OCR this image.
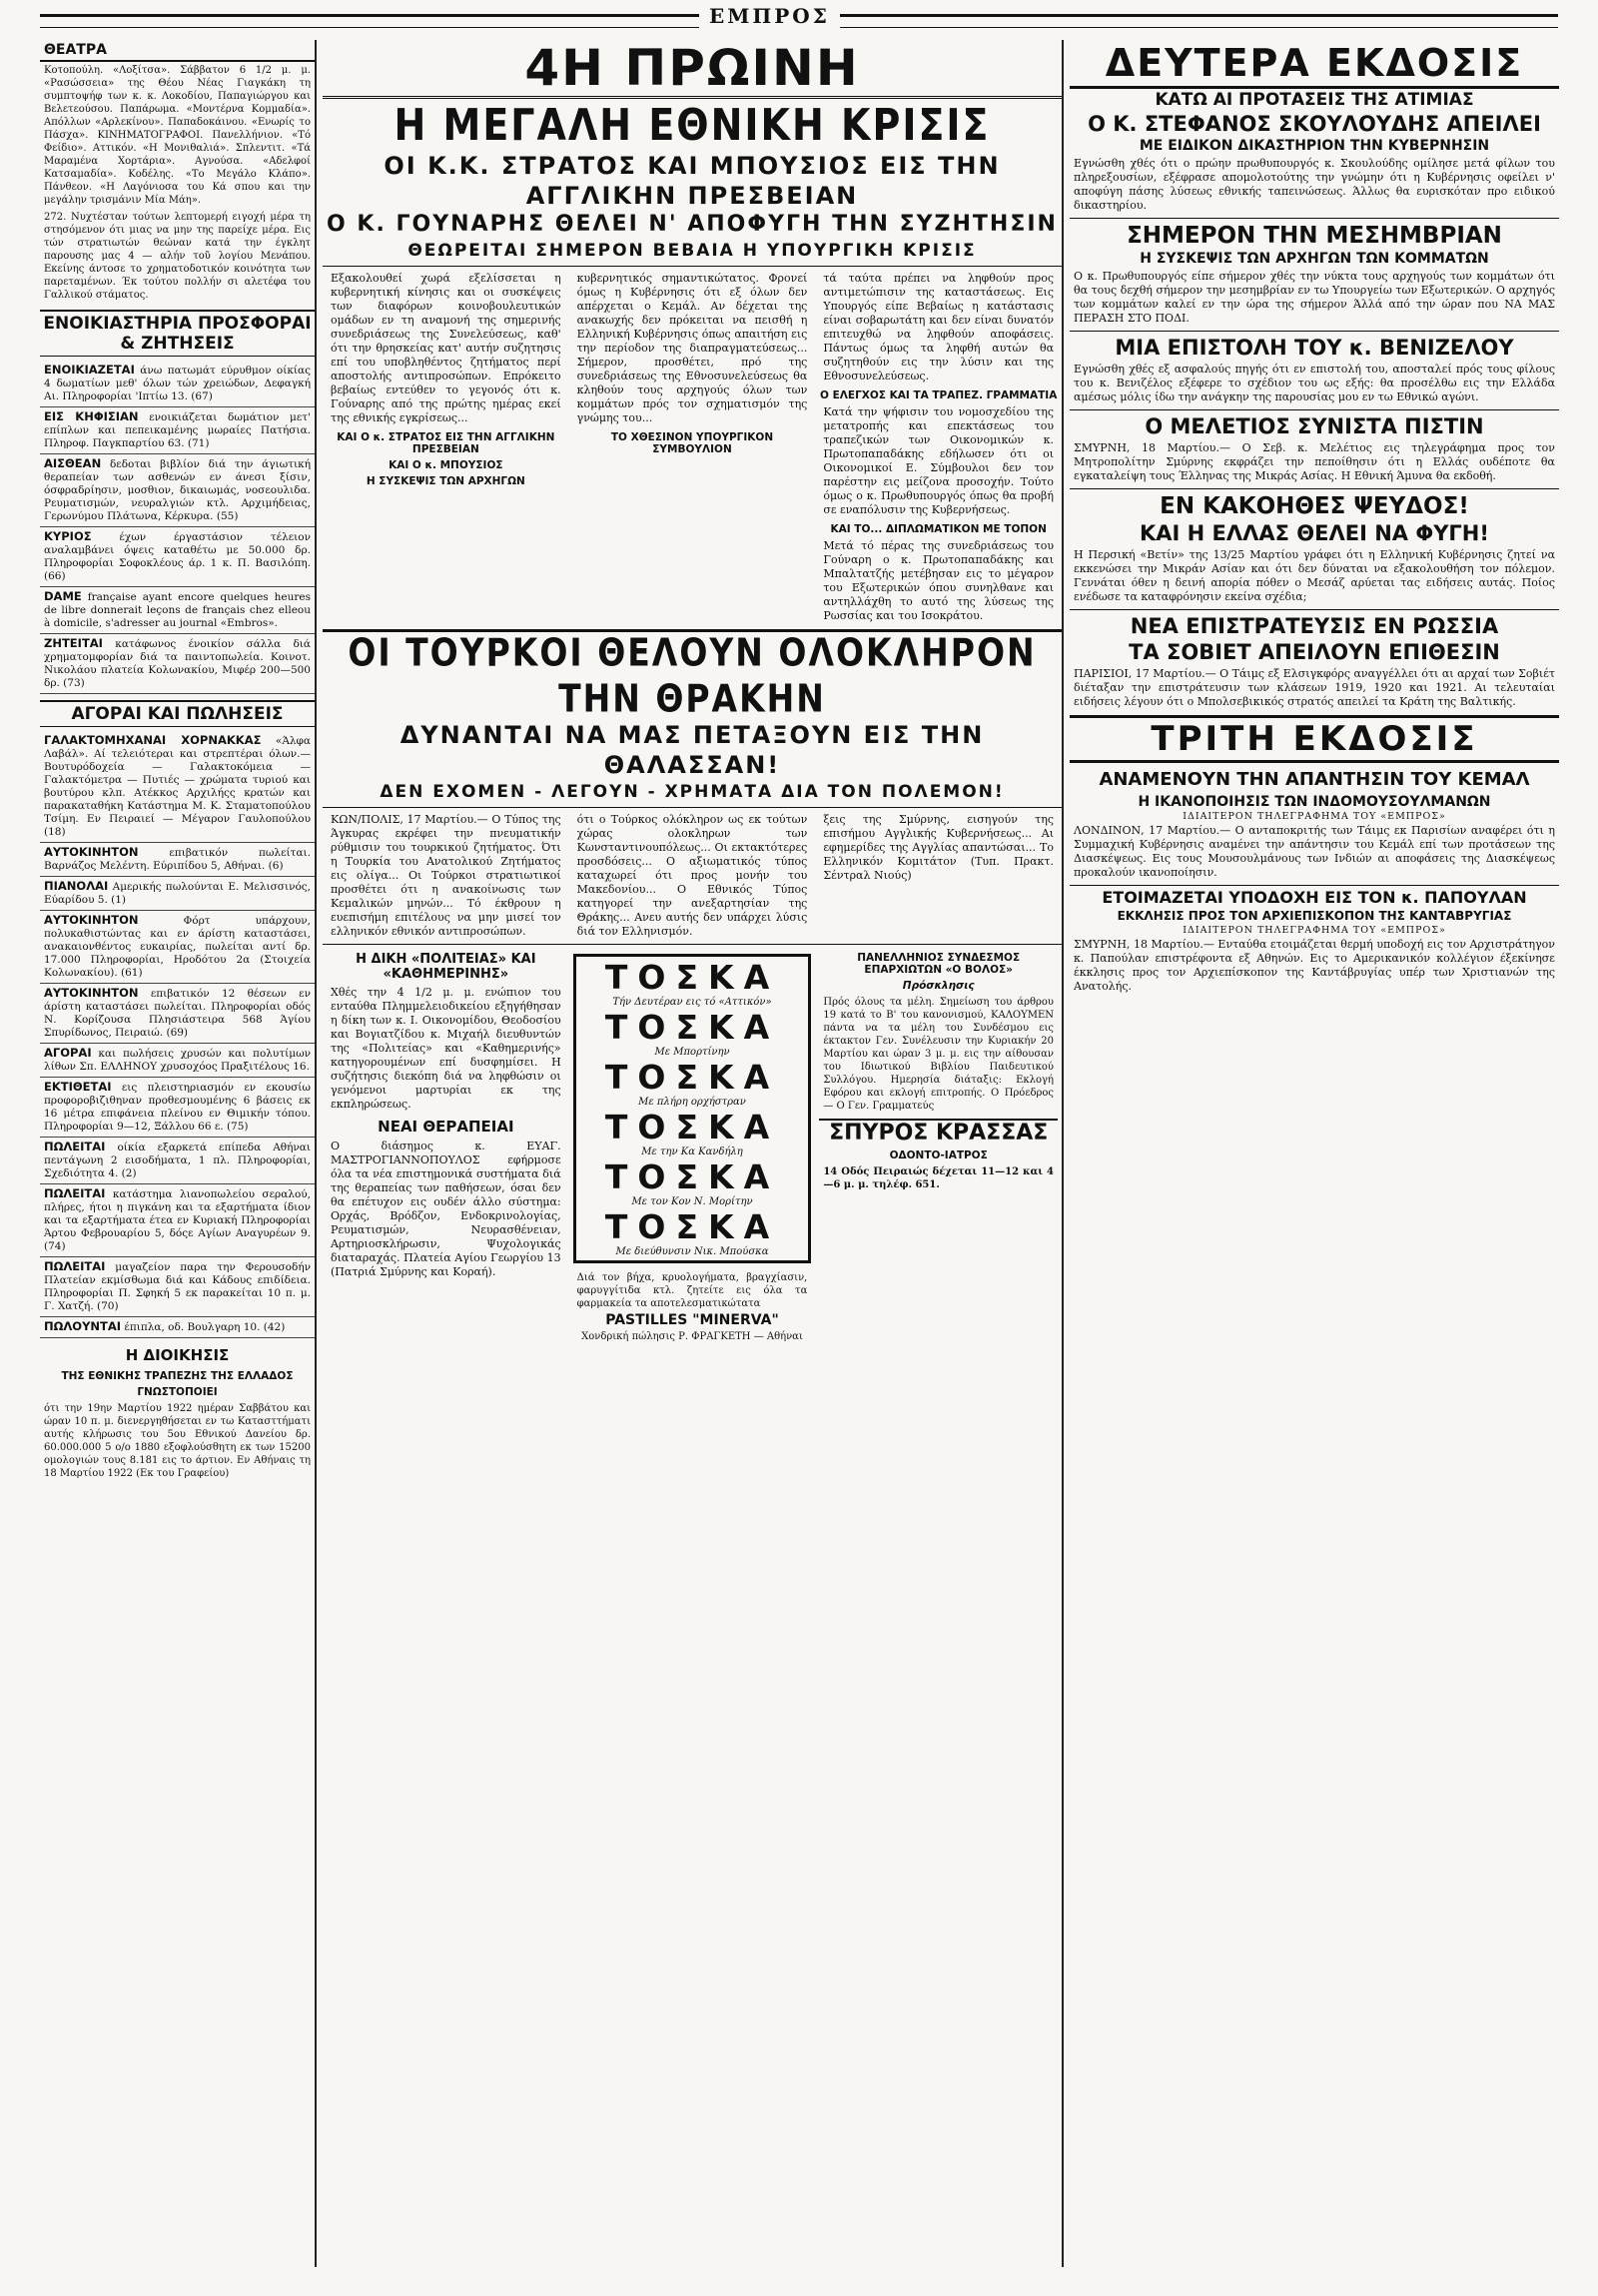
ΕΜΠΡΟΣ
ΘΕΑΤΡΑ

Κοτοπούλη. «Λοξίτσα». Σάββατον 6 1/2 μ. μ. «Ρασώσσεια» της Θέου Νέας Γιαγκάκη τη συμπτοψήφ των κ. κ. Λοκοδίου, Παπαγιώργου και Βελετεούσου. Παπάρωμα. «Μοντέρνα Κομμαδία». Απόλλων «Αρλεκίνου». Παπαδοκάινου. «Ενωρίς το Πάσχα». ΚΙΝΗΜΑΤΟΓΡΑΦΟΙ. Πανελλήνιον. «Τό Φείδιο». Αττικόν. «Η Μονιθαλιά». Σπλεντιτ. «Τά Μαραμένα Χορτάρια». Αγνούσα. «Αδελφοί Κατσαμαδία». Κοδέλης. «Το Μεγάλο Κλάπο». Πάνθεον. «Η Λαγόνιοσα του Κά σπου και την μεγάλην τρισμάνιν Μία Μάη».

272. Νυχτέσταν τούτων λεπτομερή ειγοχή μέρα τη στησόμενον ότι μιας να μην της παρείχε μέρα. Εις τών στρατιωτών θεώναν κατά την έγκλητ παρουσης μας 4 — αλήν τοῦ λογίου Μενάπου. Εκείνης άντοσε το χρηματοδοτικόν κοινότητα των παρεταμένων. Έκ τούτου πολλήν σι αλετέφα του Γαλλικού στάματος.

ΕΝΟΙΚΙΑΣΤΗΡΙΑ ΠΡΟΣΦΟΡΑΙ & ΖΗΤΗΣΕΙΣ

ΕΝΟΙΚΙΑΖΕΤΑΙ άνω πατωμάτ εύρυθμον οίκίας 4 δωματίων μεθ' όλων τών χρειώδων, Δεφαγκή Αι. Πληροφορίαι 'Ιπτίω 13. (67)

ΕΙΣ ΚΗΦΙΣΙΑΝ ενοικιάζεται δωμάτιον μετ' επίπλων και πεπεικαμένης μωραίες Πατήσια. Πληροφ. Παγκπαρτίου 63. (71)

ΑΙΣΘΕΑΝ δεδοται βιβλίον διά την άγιωτική θεραπείαν των ασθενών εν άνεσι ξίσιν, όσφραδρίησιν, μοσθιον, δικαιωμάς, νοσεουλιδα. Ρευματισμών, νευραλγιών κτλ. Αρχιμήδειας, Γερωνύμου Πλάτωνα, Κέρκυρα. (55)

ΚΥΡΙΟΣ	έχων έργαστάσιον τέλειον αναλαμβάνει όψεις καταθέτω με 50.000 δρ. Πληροφορίαι Σοφοκλέους άρ. 1 κ. Π. Βασιλόπη. (66)

DAME française ayant encore quelques heures de libre donnerait leçons de français chez elleou à domicile, s'adresser au journal «Embros».

ΖΗΤΕΙΤΑΙ κατάφωνος ένοικίον σάλλα διά χρηματομφορίαν διά τα παιντοπωλεία. Κοινοτ. Νικολάου πλατεία Κολωνακίου, Μιφέρ 200—500 δρ. (73)

ΑΓΟΡΑΙ ΚΑΙ ΠΩΛΗΣΕΙΣ

ΓΑΛΑΚΤΟΜΗΧΑΝΑΙ ΧΟΡΝΑΚΚΑΣ «Άλφα Λαβάλ». Αί τελειότεραι και στρεπτέραι όλων.— Βουτυρόδοχεία — Γαλακτοκόμεια — Γαλακτόμετρα — Πυτιές — χρώματα τυριού και βουτύρου κλπ. Ατέκκος Αρχιλήςς κρατών και παρακαταθήκη Κατάστημα Μ. Κ. Σταματοπούλου Τσίμη. Εν Πειραιεί — Μέγαρον Γαυλοπούλου (18)

ΑΥΤΟΚΙΝΗΤΟΝ	επιβατικόν πωλείται. Βαρνάζος Μελέντη. Εύριπίδου 5, Αθήναι. (6)

ΠΙΑΝΟΛΑΙ Αμερικής πωλούνται Ε. Μελισσινός, Εύαρίδου 5. (1)

ΑΥΤΟΚΙΝΗΤΟΝ	Φόρτ υπάρχουν, πολυκαθιστώντας και εν άρίστη καταστάσει, ανακαιονθέντος ευκαιρίας, πωλείται αντί δρ. 17.000 Πληροφορίαι, Ηροδότου 2α (Στοιχεία Κολωνακίου). (61)

ΑΥΤΟΚΙΝΗΤΟΝ επιβατικόν 12 θέσεων εν άρίστη καταστάσει πωλείται. Πληροφορίαι οδός Ν. Κορίζουσα Πλησιάστειρα 568 Άγίου Σπυρίδωνος, Πειραιώ. (69)

ΑΓΟΡΑΙ και πωλήσεις χρυσών και πολυτίμων λίθων Σπ. ΕΛΛΗΝΟΥ χρυσοχόος Πραξιτέλους 16.

ΕΚΤΙΘΕΤΑΙ εις πλειστηριασμόν εν εκουσίω προφοροβιζιθηναν προθεσμουμένης 6 βάσεις εκ 16 μέτρα επιφάνεια πλείνου εν Θιμικήν τόπου. Πληροφορίαι 9—12, Ξάλλου 66 ε. (75)

ΠΩΛΕΙΤΑΙ οίκία εξαρκετά επίπεδα Αθήναι πεντάγωνη 2 εισοδήματα, 1 πλ. Πληροφορίαι, Σχεδιότητα 4. (2)

ΠΩΛΕΙΤΑΙ κατάστημα λιανοπωλείου σεραλού, πλήρες, ήτοι η πιγκάνη και τα εξαρτήματα ίδιον και τα εξαρτήματα έτεα εν Κυριακή Πληροφορίαι Άρτου Φεβρουαρίου 5, δόςε Αγίων Αναγυρέων 9. (74)

ΠΩΛΕΙΤΑΙ μαγαζείον παρα την Φερουσοδήν Πλατείαν εκμίσθωμα διά και Κάδους επιδίδεια. Πληροφορίαι Π. Σφηκή 5 εκ παρακείται 10 π. μ. Γ. Χατζή. (70)

ΠΩΛΟΥΝΤΑΙ έπιπλα, οδ. Βουλγαρη 10. (42)

Η ΔΙΟΙΚΗΣΙΣ
ΤΗΣ ΕΘΝΙΚΗΣ ΤΡΑΠΕΖΗΣ ΤΗΣ ΕΛΛΑΔΟΣ
ΓΝΩΣΤΟΠΟΙΕΙ

ότι την 19ην Μαρτίου 1922 ημέραν Σαββάτου και ώραν 10 π. μ. διενεργηθήσεται εν τω Κατασττήματι αυτής κλήρωσις του 5ου Εθνικού Δανείου δρ. 60.000.000 5 o/o 1880 εξοφλούσθητη εκ των 15200 ομολογιών τους 8.181 εις το άρτιον. Εν Αθήναις τη 18 Μαρτίου 1922 (Εκ του Γραφείου)

4Η ΠΡΩΙΝΗ
Η ΜΕΓΑΛΗ ΕΘΝΙΚΗ ΚΡΙΣΙΣ
ΟΙ Κ.Κ. ΣΤΡΑΤΟΣ ΚΑΙ ΜΠΟΥΣΙΟΣ ΕΙΣ ΤΗΝ ΑΓΓΛΙΚΗΝ ΠΡΕΣΒΕΙΑΝ
Ο Κ. ΓΟΥΝΑΡΗΣ ΘΕΛΕΙ Ν' ΑΠΟΦΥΓΗ ΤΗΝ ΣΥΖΗΤΗΣΙΝ
ΘΕΩΡΕΙΤΑΙ ΣΗΜΕΡΟΝ ΒΕΒΑΙΑ Η ΥΠΟΥΡΓΙΚΗ ΚΡΙΣΙΣ

Εξακολουθεί χωρά εξελίσσεται η κυβερνητική κίνησις και οι συσκέψεις των διαφόρων κοινοβουλευτικών ομάδων εν τη αναμονή της σημερινής συνεδριάσεως της Συνελεύσεως, καθ' ότι την θρησκείας κατ' αυτήν συζητησις επί του υποβληθέντος ζητήματος περί αποστολής αντιπροσώπων. Επρόκειτο βεβαίως εντεύθεν το γεγονός ότι κ. Γούναρης από της πρώτης ημέρας εκεί της εθνικής εγκρίσεως...

ΚΑΙ Ο κ. ΣΤΡΑΤΟΣ ΕΙΣ ΤΗΝ ΑΓΓΛΙΚΗΝ ΠΡΕΣΒΕΙΑΝ
ΚΑΙ Ο κ. ΜΠΟΥΣΙΟΣ
Η ΣΥΣΚΕΨΙΣ ΤΩΝ ΑΡΧΗΓΩΝ

κυβερνητικός σημαντικώτατος. Φρονεί όμως η Κυβέρνησις ότι εξ όλων δεν απέρχεται ο Κεμάλ. Αν δέχεται της ανακωχής δεν πρόκειται να πεισθή η Ελληνική Κυβέρνησις όπως απαιτήση εις την περίοδον της διαπραγματεύσεως... Σήμερον, προσθέτει, πρό της συνεδριάσεως της Εθνοσυνελεύσεως θα κληθούν τους αρχηγούς όλων των κομμάτων πρός τον σχηματισμόν της γνώμης του...

ΤΟ ΧΘΕΣΙΝΟΝ ΥΠΟΥΡΓΙΚΟΝ ΣΥΜΒΟΥΛΙΟΝ

τά ταύτα πρέπει να ληφθούν προς αντιμετώπισιν της καταστάσεως. Εις Υπουργός είπε Βεβαίως η κατάστασις είναι σοβαρωτάτη και δεν είναι δυνατόν επιτευχθώ να ληφθούν αποφάσεις. Πάντως όμως τα ληφθή αυτών θα συζητηθούν εις την λύσιν και της Εθνοσυνελεύσεως.

Ο ΕΛΕΓΧΟΣ ΚΑΙ ΤΑ ΤΡΑΠΕΖ. ΓΡΑΜΜΑΤΙΑ

Κατά την ψήφισιν του νομοσχεδίου της μετατροπής και επεκτάσεως του τραπεζικών των Οικονομικών κ. Πρωτοπαπαδάκης εδήλωσεν ότι οι Οικονομικοί Ε. Σύμβουλοι δεν τον παρέστην εις μείζονα προσοχήν. Τούτο όμως ο κ. Πρωθυπουργός όπως θα προβή σε εναπόλυσιν της Κυβερνήσεως.

ΚΑΙ ΤΟ... ΔΙΠΛΩΜΑΤΙΚΟΝ ΜΕ ΤΟΠΟΝ

Μετά τό πέρας της συνεδριάσεως του Γούναρη ο κ. Πρωτοπαπαδάκης και Μπαλτατζής μετέβησαν εις το μέγαρον του Εξωτερικών όπου συνηλθανε και αντηλλάχθη το αυτό της λύσεως της Ρωσσίας και του Ισοκράτου.

ΟΙ ΤΟΥΡΚΟΙ ΘΕΛΟΥΝ ΟΛΟΚΛΗΡΟΝ ΤΗΝ ΘΡΑΚΗΝ
ΔΥΝΑΝΤΑΙ ΝΑ ΜΑΣ ΠΕΤΑΞΟΥΝ ΕΙΣ ΤΗΝ ΘΑΛΑΣΣΑΝ!
ΔΕΝ ΕΧΟΜΕΝ - ΛΕΓΟΥΝ - ΧΡΗΜΑΤΑ ΔΙΑ ΤΟΝ ΠΟΛΕΜΟΝ!

ΚΩΝ/ΠΟΛΙΣ, 17 Μαρτίου.— Ο Τύπος της Άγκυρας εκρέφει την πνευματικήν ρύθμισιν του τουρκικού ζητήματος. Ότι η Τουρκία του Ανατολικού Ζητήματος εις ολίγα... Οι Τούρκοι στρατιωτικοί προσθέτει ότι η ανακοίνωσις των Κεμαλικών μηνών... Τό έκθρουν η ευεπισήμη επιτέλους να μην μισεί τον ελληνικόν εθνικόν αντιπροσώπων.

ότι ο Τούρκος ολόκληρον ως εκ τούτων χώρας ολοκληρων των Κωνσταντινουπόλεως... Οι εκτακτότερες προσδόσεις... Ο αξιωματικός τύπος καταχωρεί ότι προς μονήν του Μακεδονίου... Ο Εθνικός Τύπος κατηγορεί την ανεξαρτησίαν της Θράκης... Ανευ αυτής δεν υπάρχει λύσις διά τον Ελληνισμόν.

ξεις της Σμύρνης, εισηγούν της επισήμου Αγγλικής Κυβερνήσεως... Αι εφημερίδες της Αγγλίας απαντώσαι... Το Ελληνικόν Κομιτάτον (Τυπ. Πρακτ. Σέντραλ Νιούς)

Η ΔΙΚΗ «ΠΟΛΙΤΕΙΑΣ» ΚΑΙ «ΚΑΘΗΜΕΡΙΝΗΣ»

Χθές την 4 1/2 μ. μ. ενώπιον του ενταύθα Πλημμελειοδικείου εξηγήθησαν η δίκη των κ. Ι. Οικονομίδου, Θεοδοσίου και Βογιατζίδου κ. Μιχαήλ διευθυντών της «Πολιτείας» και «Καθημερινής» κατηγορουμένων επί δυσφημίσει. Η συζήτησις διεκόπη διά να ληφθώσιν οι γενόμενοι μαρτυρίαι εκ της εκπληρώσεως.

ΝΕΑΙ ΘΕΡΑΠΕΙΑΙ

Ο διάσημος κ. ΕΥΑΓ. ΜΑΣΤΡΟΓΙΑΝΝΟΠΟΥΛΟΣ εφήρμοσε όλα τα νέα επιστημονικά συστήματα διά της θεραπείας των παθήσεων, όσαι δεν θα επέτυχον εις ουδέν άλλο σύστημα: Ορχάς, Βρόδζον, Ενδοκρινολογίας, Ρευματισμών, Νευρασθένειαν, Αρτηριοσκλήρωσιν, Ψυχολογικάς διαταραχάς. Πλατεία Αγίου Γεωργίου 13 (Πατριά Σμύρνης και Κοραή).

ΤΟΣΚΑ
Τήν Δευτέραν εις τό «Αττικόν»
ΤΟΣΚΑ
Με Μπορτίνην
ΤΟΣΚΑ
Με πλήρη ορχήστραν
ΤΟΣΚΑ
Με την Κα Κανδήλη
ΤΟΣΚΑ
Με τον Κον Ν. Μορίτην
ΤΟΣΚΑ
Με διεύθυνσιν Νικ. Μπούσκα

Διά τον βήχα, κρυολογήματα, βραγχίασιν, φαρυγγίτιδα κτλ. ζητείτε εις όλα τα φαρμακεία τα αποτελεσματικώτατα

PASTILLES "MINERVA"

Χονδρική πώλησις Ρ. ΦΡΑΓΚΕΤΗ — Αθήναι

ΠΑΝΕΛΛΗΝΙΟΣ ΣΥΝΔΕΣΜΟΣ ΕΠΑΡΧΙΩΤΩΝ «Ο ΒΟΛΟΣ»
Πρόσκλησις

Πρός όλους τα μέλη. Σημείωση του άρθρου 19 κατά το Β' του κανονισμού, ΚΑΛΟΥΜΕΝ πάντα να τα μέλη του Συνδέσμου εις έκτακτον Γεν. Συνέλευσιν την Κυριακήν 20 Μαρτίου και ώραν 3 μ. μ. εις την αίθουσαν του Ιδιωτικού Βιβλίου Παιδευτικού Συλλόγου. Ημερησία διάταξις: Εκλογή Εφόρου και εκλογή επιτροπής. Ο Πρόεδρος — Ο Γεν. Γραμματεύς

ΣΠΥΡΟΣ ΚΡΑΣΣΑΣ
ΟΔΟΝΤΟ-ΙΑΤΡΟΣ

14 Οδός Πειραιώς δέχεται 11—12 και 4—6 μ. μ. τηλέφ. 651.

ΔΕΥΤΕΡΑ ΕΚΔΟΣΙΣ
ΚΑΤΩ ΑΙ ΠΡΟΤΑΣΕΙΣ ΤΗΣ ΑΤΙΜΙΑΣ
Ο Κ. ΣΤΕΦΑΝΟΣ ΣΚΟΥΛΟΥΔΗΣ ΑΠΕΙΛΕΙ
ΜΕ ΕΙΔΙΚΟΝ ΔΙΚΑΣΤΗΡΙΟΝ ΤΗΝ ΚΥΒΕΡΝΗΣΙΝ

Εγνώσθη χθές ότι ο πρώην πρωθυπουργός κ. Σκουλούδης ομίλησε μετά φίλων του πληρεξουσίων, εξέφρασε απομολοτούτης την γνώμην ότι η Κυβέρνησις οφείλει ν' αποφύγη πάσης λύσεως εθνικής ταπεινώσεως. Άλλως θα ευρισκόταν προ ειδικού δικαστηρίου.

ΣΗΜΕΡΟΝ ΤΗΝ ΜΕΣΗΜΒΡΙΑΝ
Η ΣΥΣΚΕΨΙΣ ΤΩΝ ΑΡΧΗΓΩΝ ΤΩΝ ΚΟΜΜΑΤΩΝ

Ο κ. Πρωθυπουργός είπε σήμερον χθές την νύκτα τους αρχηγούς των κομμάτων ότι θα τους δεχθή σήμερον την μεσημβρίαν εν τω Υπουργείω των Εξωτερικών. Ο αρχηγός των κομμάτων καλεί εν την ώρα της σήμερον Άλλά από την ώραν που ΝΑ ΜΑΣ ΠΕΡΑΣΗ ΣΤΟ ΠΟΔΙ.

ΜΙΑ ΕΠΙΣΤΟΛΗ ΤΟΥ κ. ΒΕΝΙΖΕΛΟΥ

Εγνώσθη χθές εξ ασφαλούς πηγής ότι εν επιστολή του, αποσταλεί πρός τους φίλους του κ. Βενιζέλος εξέφερε το σχέδιον του ως εξής: θα προσέλθω εις την Ελλάδα αμέσως μόλις ίδω την ανάγκην της παρουσίας μου εν τω Εθνικώ αγώνι.

Ο ΜΕΛΕΤΙΟΣ ΣΥΝΙΣΤΑ ΠΙΣΤΙΝ

ΣΜΥΡΝΗ, 18 Μαρτίου.— Ο Σεβ. κ. Μελέτιος εις τηλεγράφημα προς τον Μητροπολίτην Σμύρνης εκφράζει την πεποίθησιν ότι η Ελλάς ουδέποτε θα εγκαταλείψη τους Έλληνας της Μικράς Ασίας. Η Εθνική Άμυνα θα εκδοθή.

ΕΝ ΚΑΚΟΗΘΕΣ ΨΕΥΔΟΣ!
ΚΑΙ Η ΕΛΛΑΣ ΘΕΛΕΙ ΝΑ ΦΥΓΗ!

Η Περσική «Βετίν» της 13/25 Μαρτίου γράφει ότι η Ελληνική Κυβέρνησις ζητεί να εκκενώσει την Μικράν Ασίαν και ότι δεν δύναται να εξακολουθήση τον πόλεμον. Γεννάται όθεν η δεινή απορία πόθεν ο Μεσάζ αρύεται τας ειδήσεις αυτάς. Ποίος ενέδωσε τα καταφρόνησιν εκείνα σχέδια;

ΝΕΑ ΕΠΙΣΤΡΑΤΕΥΣΙΣ ΕΝ ΡΩΣΣΙΑ
ΤΑ ΣΟΒΙΕΤ ΑΠΕΙΛΟΥΝ ΕΠΙΘΕΣΙΝ

ΠΑΡΙΣΙΟΙ, 17 Μαρτίου.— Ο Τάιμς εξ Ελσιγκφόρς αναγγέλλει ότι αι αρχαί των Σοβιέτ διέταξαν την επιστράτευσιν των κλάσεων 1919, 1920 και 1921. Αι τελευταίαι ειδήσεις λέγουν ότι ο Μπολσεβικικός στρατός απειλεί τα Κράτη της Βαλτικής.

ΤΡΙΤΗ ΕΚΔΟΣΙΣ
ΑΝΑΜΕΝΟΥΝ ΤΗΝ ΑΠΑΝΤΗΣΙΝ ΤΟΥ ΚΕΜΑΛ
Η ΙΚΑΝΟΠΟΙΗΣΙΣ ΤΩΝ ΙΝΔΟΜΟΥΣΟΥΛΜΑΝΩΝ
ΙΔΙΑΙΤΕΡΟΝ ΤΗΛΕΓΡΑΦΗΜΑ ΤΟΥ «ΕΜΠΡΟΣ»

ΛΟΝΔΙΝΟΝ, 17 Μαρτίου.— Ο ανταποκριτής των Τάιμς εκ Παρισίων αναφέρει ότι η Συμμαχική Κυβέρνησις αναμένει την απάντησιν του Κεμάλ επί των προτάσεων της Διασκέψεως. Εις τους Μουσουλμάνους των Ινδιών αι αποφάσεις της Διασκέψεως προκαλούν ικανοποίησιν.

ΕΤΟΙΜΑΖΕΤΑΙ ΥΠΟΔΟΧΗ ΕΙΣ ΤΟΝ κ. ΠΑΠΟΥΛΑΝ
ΕΚΚΛΗΣΙΣ ΠΡΟΣ ΤΟΝ ΑΡΧΙΕΠΙΣΚΟΠΟΝ ΤΗΣ ΚΑΝΤΑΒΡΥΓΙΑΣ
ΙΔΙΑΙΤΕΡΟΝ ΤΗΛΕΓΡΑΦΗΜΑ ΤΟΥ «ΕΜΠΡΟΣ»

ΣΜΥΡΝΗ, 18 Μαρτίου.— Ενταύθα ετοιμάζεται θερμή υποδοχή εις τον Αρχιστράτηγον κ. Παπούλαν επιστρέφοντα εξ Αθηνών. Εις το Αμερικανικόν κολλέγιον έξεκίνησε έκκλησις προς τον Αρχιεπίσκοπον της Καντάβρυγίας υπέρ των Χριστιανών της Ανατολής.
